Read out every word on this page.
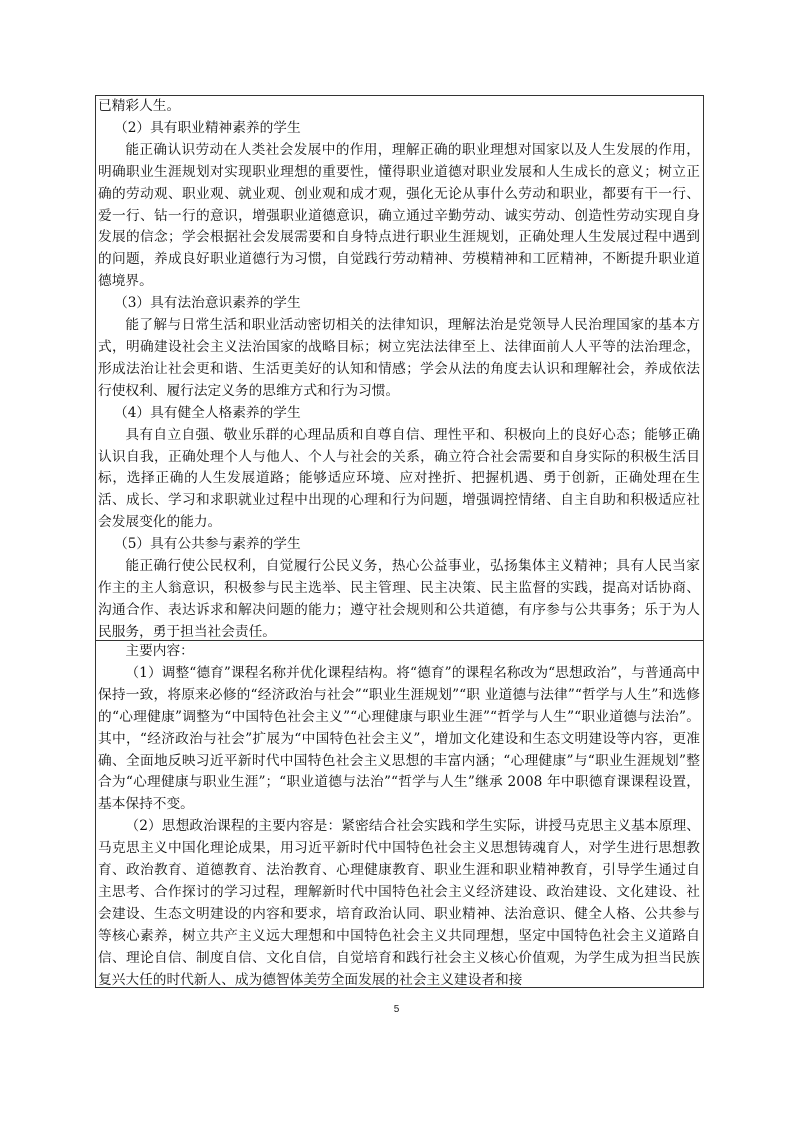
已精彩人生。

（2）具有职业精神素养的学生

能正确认识劳动在人类社会发展中的作用，理解正确的职业理想对国家以及人生发展的作用，明确职业生涯规划对实现职业理想的重要性，懂得职业道德对职业发展和人生成长的意义；树立正确的劳动观、职业观、就业观、创业观和成才观，强化无论从事什么劳动和职业，都要有干一行、爱一行、钻一行的意识，增强职业道德意识，确立通过辛勤劳动、诚实劳动、创造性劳动实现自身发展的信念；学会根据社会发展需要和自身特点进行职业生涯规划，正确处理人生发展过程中遇到的问题，养成良好职业道德行为习惯，自觉践行劳动精神、劳模精神和工匠精神，不断提升职业道德境界。

（3）具有法治意识素养的学生

能了解与日常生活和职业活动密切相关的法律知识，理解法治是党领导人民治理国家的基本方式，明确建设社会主义法治国家的战略目标；树立宪法法律至上、法律面前人人平等的法治理念，形成法治让社会更和谐、生活更美好的认知和情感；学会从法的角度去认识和理解社会，养成依法行使权利、履行法定义务的思维方式和行为习惯。

（4）具有健全人格素养的学生

具有自立自强、敬业乐群的心理品质和自尊自信、理性平和、积极向上的良好心态；能够正确认识自我，正确处理个人与他人、个人与社会的关系，确立符合社会需要和自身实际的积极生活目标，选择正确的人生发展道路；能够适应环境、应对挫折、把握机遇、勇于创新，正确处理在生活、成长、学习和求职就业过程中出现的心理和行为问题，增强调控情绪、自主自助和积极适应社会发展变化的能力。

（5）具有公共参与素养的学生

能正确行使公民权利，自觉履行公民义务，热心公益事业，弘扬集体主义精神；具有人民当家作主的主人翁意识，积极参与民主选举、民主管理、民主决策、民主监督的实践，提高对话协商、沟通合作、表达诉求和解决问题的能力；遵守社会规则和公共道德，有序参与公共事务；乐于为人民服务，勇于担当社会责任。

主要内容：

（1）调整“德育”课程名称并优化课程结构。将“德育”的课程名称改为“思想政治”，与普通高中保持一致，将原来必修的“经济政治与社会”“职业生涯规划”“职 业道德与法律”“哲学与人生”和选修的“心理健康”调整为“中国特色社会主义”“心理健康与职业生涯”“哲学与人生”“职业道德与法治”。其中，“经济政治与社会”扩展为“中国特色社会主义”，增加文化建设和生态文明建设等内容，更准确、全面地反映习近平新时代中国特色社会主义思想的丰富内涵；“心理健康”与“职业生涯规划”整合为“心理健康与职业生涯”；“职业道德与法治”“哲学与人生”继承 2008 年中职德育课课程设置，基本保持不变。

（2）思想政治课程的主要内容是：紧密结合社会实践和学生实际，讲授马克思主义基本原理、马克思主义中国化理论成果，用习近平新时代中国特色社会主义思想铸魂育人，对学生进行思想教育、政治教育、道德教育、法治教育、心理健康教育、职业生涯和职业精神教育，引导学生通过自主思考、合作探讨的学习过程，理解新时代中国特色社会主义经济建设、政治建设、文化建设、社会建设、生态文明建设的内容和要求，培育政治认同、职业精神、法治意识、健全人格、公共参与等核心素养，树立共产主义远大理想和中国特色社会主义共同理想，坚定中国特色社会主义道路自信、理论自信、制度自信、文化自信，自觉培育和践行社会主义核心价值观，为学生成为担当民族复兴大任的时代新人、成为德智体美劳全面发展的社会主义建设者和接

5
